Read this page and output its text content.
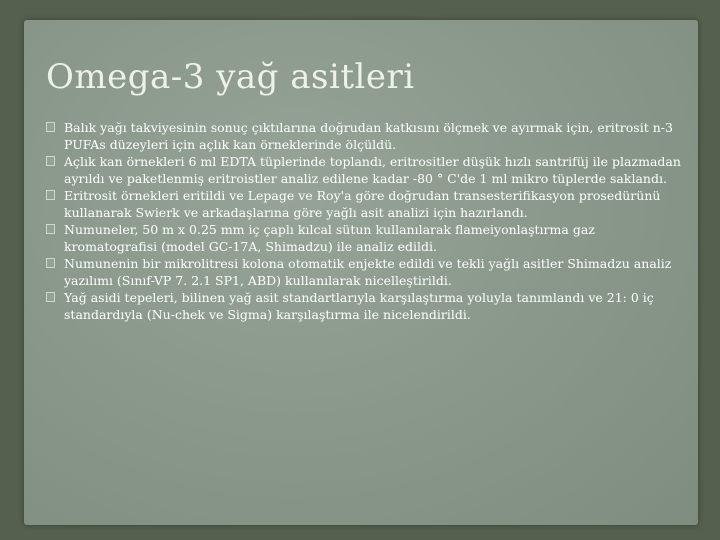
Omega-3 yağ asitleri
Balık yağı takviyesinin sonuç çıktılarına doğrudan katkısını ölçmek ve ayırmak için, eritrosit n-3 PUFAs düzeyleri için açlık kan örneklerinde ölçüldü.
Açlık kan örnekleri 6 ml EDTA tüplerinde toplandı, eritrositler düşük hızlı santrifüj ile plazmadan ayrıldı ve paketlenmiş eritroistler analiz edilene kadar -80 ° C'de 1 ml mikro tüplerde saklandı.
Eritrosit örnekleri eritildi ve Lepage ve Roy'a göre doğrudan transesterifikasyon prosedürünü kullanarak Swierk ve arkadaşlarına göre yağlı asit analizi için hazırlandı.
Numuneler, 50 m x 0.25 mm iç çaplı kılcal sütun kullanılarak flameiyonlaştırma gaz kromatografisi (model GC-17A, Shimadzu) ile analiz edildi.
Numunenin bir mikrolitresi kolona otomatik enjekte edildi ve tekli yağlı asitler Shimadzu analiz yazılımı (Sınıf-VP 7. 2.1 SP1, ABD) kullanılarak nicelleştirildi.
Yağ asidi tepeleri, bilinen yağ asit standartlarıyla karşılaştırma yoluyla tanımlandı ve 21: 0 iç standardıyla (Nu-chek ve Sigma) karşılaştırma ile nicelendirildi.
